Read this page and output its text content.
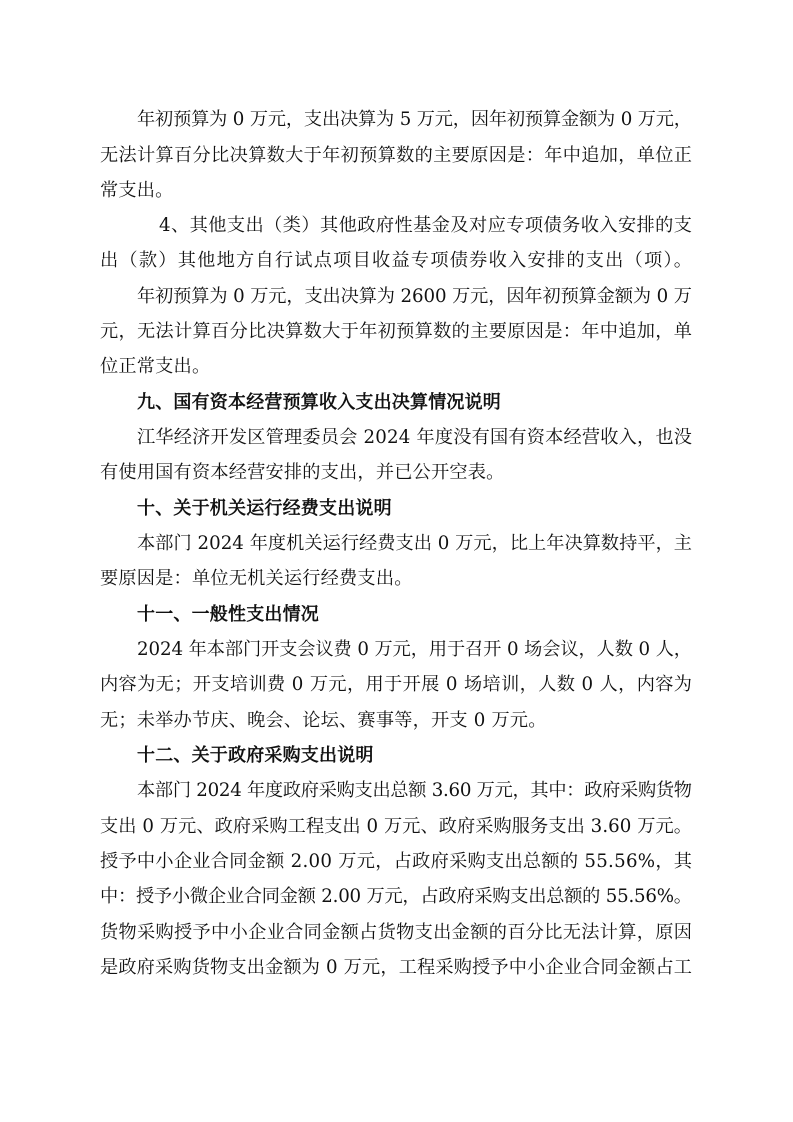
年初预算为 0 万元，支出决算为 5 万元，因年初预算金额为 0 万元，
无法计算百分比决算数大于年初预算数的主要原因是：年中追加，单位正
常支出。
4、其他支出（类）其他政府性基金及对应专项债务收入安排的支
出（款）其他地方自行试点项目收益专项债券收入安排的支出（项）。
年初预算为 0 万元，支出决算为 2600 万元，因年初预算金额为 0 万
元，无法计算百分比决算数大于年初预算数的主要原因是：年中追加，单
位正常支出。
九、国有资本经营预算收入支出决算情况说明
江华经济开发区管理委员会 2024 年度没有国有资本经营收入，也没
有使用国有资本经营安排的支出，并已公开空表。
十、关于机关运行经费支出说明
本部门 2024 年度机关运行经费支出 0 万元，比上年决算数持平，主
要原因是：单位无机关运行经费支出。
十一、一般性支出情况
2024 年本部门开支会议费 0 万元，用于召开 0 场会议，人数 0 人，
内容为无；开支培训费 0 万元，用于开展 0 场培训，人数 0 人，内容为
无；未举办节庆、晚会、论坛、赛事等，开支 0 万元。
十二、关于政府采购支出说明
本部门 2024 年度政府采购支出总额 3.60 万元，其中：政府采购货物
支出 0 万元、政府采购工程支出 0 万元、政府采购服务支出 3.60 万元。
授予中小企业合同金额 2.00 万元，占政府采购支出总额的 55.56%，其
中：授予小微企业合同金额 2.00 万元，占政府采购支出总额的 55.56%。
货物采购授予中小企业合同金额占货物支出金额的百分比无法计算，原因
是政府采购货物支出金额为 0 万元，工程采购授予中小企业合同金额占工
